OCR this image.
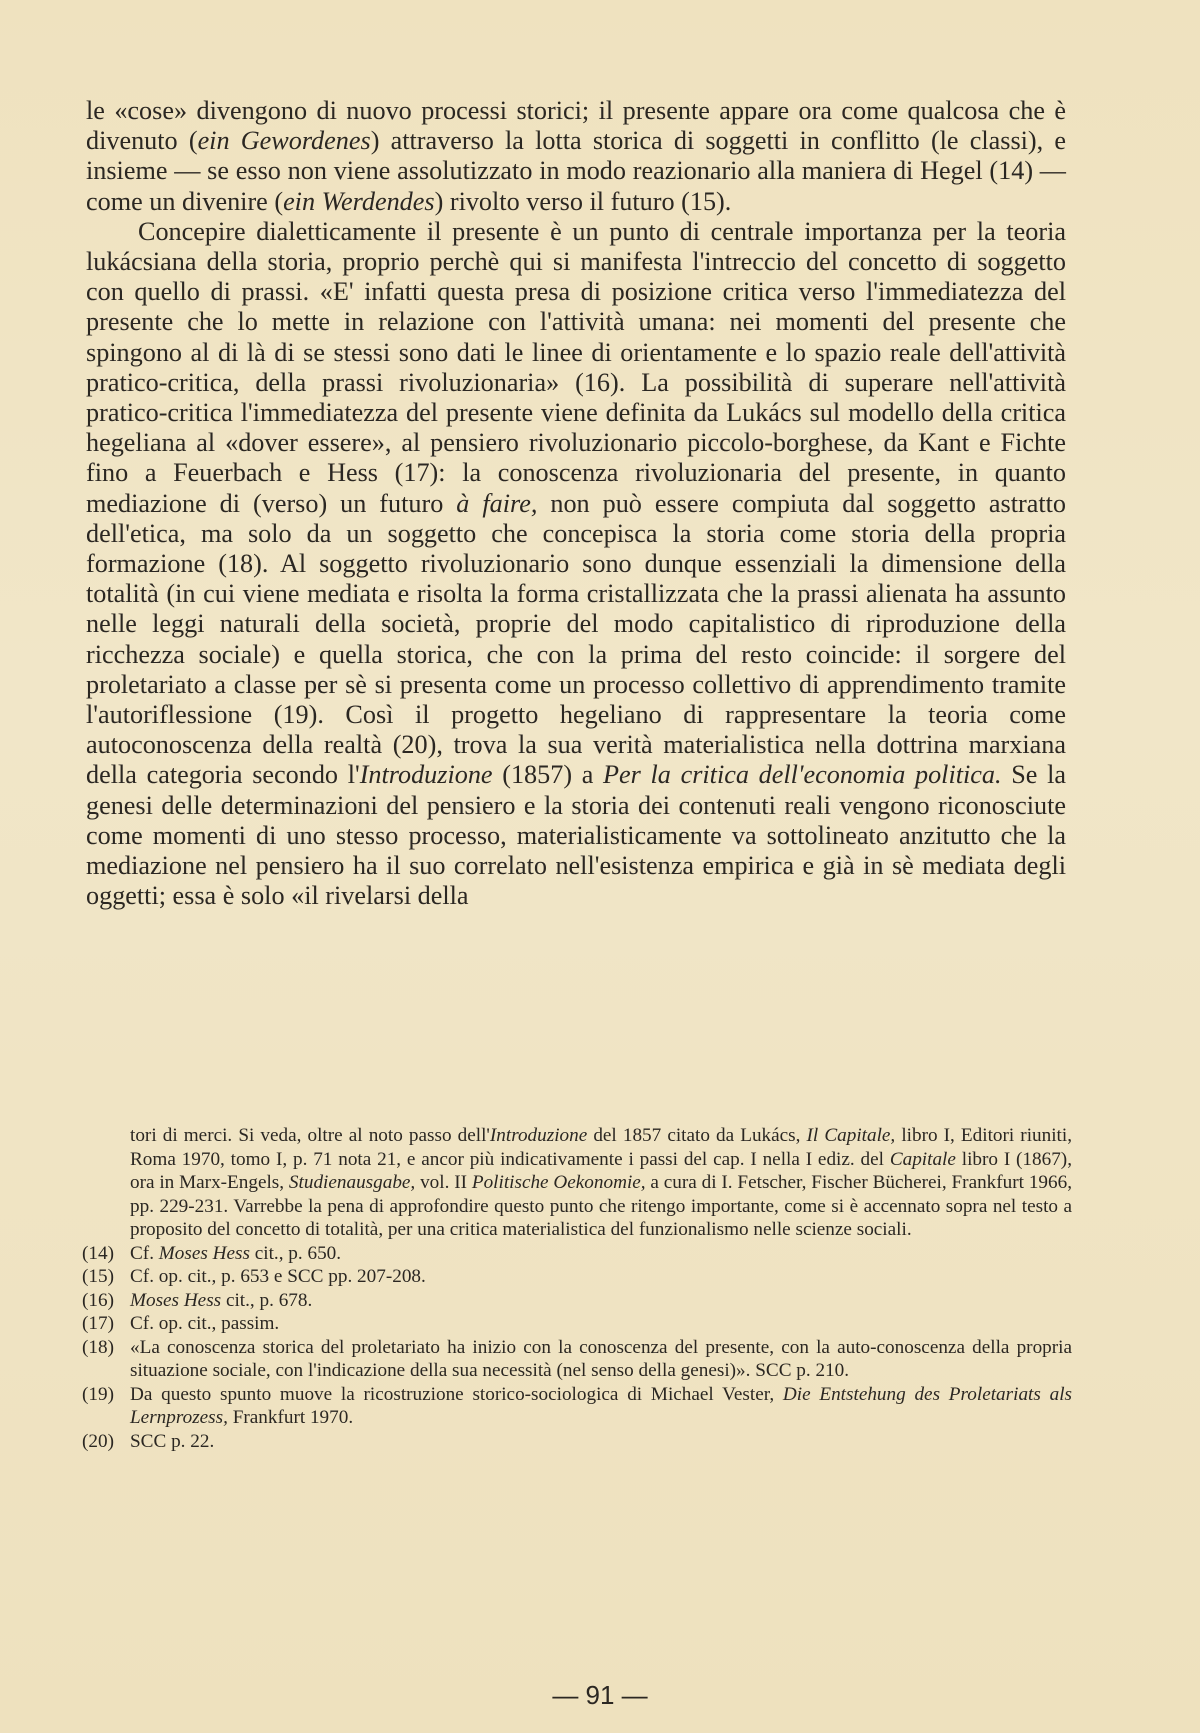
le «cose» divengono di nuovo processi storici; il presente appare ora come qualcosa che è divenuto (ein Gewordenes) attraverso la lotta storica di soggetti in conflitto (le classi), e insieme — se esso non viene assolutizzato in modo reazionario alla maniera di Hegel (14) — come un divenire (ein Werdendes) rivolto verso il futuro (15).

Concepire dialetticamente il presente è un punto di centrale importanza per la teoria lukácsiana della storia, proprio perchè qui si manifesta l'intreccio del concetto di soggetto con quello di prassi. «E' infatti questa presa di posizione critica verso l'immediatezza del presente che lo mette in relazione con l'attività umana: nei momenti del presente che spingono al di là di se stessi sono dati le linee di orientamente e lo spazio reale dell'attività pratico-critica, della prassi rivoluzionaria» (16). La possibilità di superare nell'attività pratico-critica l'immediatezza del presente viene definita da Lukács sul modello della critica hegeliana al «dover essere», al pensiero rivoluzionario piccolo-borghese, da Kant e Fichte fino a Feuerbach e Hess (17): la conoscenza rivoluzionaria del presente, in quanto mediazione di (verso) un futuro à faire, non può essere compiuta dal soggetto astratto dell'etica, ma solo da un soggetto che concepisca la storia come storia della propria formazione (18). Al soggetto rivoluzionario sono dunque essenziali la dimensione della totalità (in cui viene mediata e risolta la forma cristallizzata che la prassi alienata ha assunto nelle leggi naturali della società, proprie del modo capitalistico di riproduzione della ricchezza sociale) e quella storica, che con la prima del resto coincide: il sorgere del proletariato a classe per sè si presenta come un processo collettivo di apprendimento tramite l'autoriflessione (19). Così il progetto hegeliano di rappresentare la teoria come autoconoscenza della realtà (20), trova la sua verità materialistica nella dottrina marxiana della categoria secondo l'Introduzione (1857) a Per la critica dell'economia politica. Se la genesi delle determinazioni del pensiero e la storia dei contenuti reali vengono riconosciute come momenti di uno stesso processo, materialisticamente va sottolineato anzitutto che la mediazione nel pensiero ha il suo correlato nell'esistenza empirica e già in sè mediata degli oggetti; essa è solo «il rivelarsi della

tori di merci. Si veda, oltre al noto passo dell'Introduzione del 1857 citato da Lukács, Il Capitale, libro I, Editori riuniti, Roma 1970, tomo I, p. 71 nota 21, e ancor più indicativamente i passi del cap. I nella I ediz. del Capitale libro I (1867), ora in Marx-Engels, Studienausgabe, vol. II Politische Oekonomie, a cura di I. Fetscher, Fischer Bücherei, Frankfurt 1966, pp. 229-231. Varrebbe la pena di approfondire questo punto che ritengo importante, come si è accennato sopra nel testo a proposito del concetto di totalità, per una critica materialistica del funzionalismo nelle scienze sociali.

(14) Cf. Moses Hess cit., p. 650.
(15) Cf. op. cit., p. 653 e SCC pp. 207-208.
(16) Moses Hess cit., p. 678.
(17) Cf. op. cit., passim.
(18) «La conoscenza storica del proletariato ha inizio con la conoscenza del presente, con la auto-conoscenza della propria situazione sociale, con l'indicazione della sua necessità (nel senso della genesi)». SCC p. 210.
(19) Da questo spunto muove la ricostruzione storico-sociologica di Michael Vester, Die Entstehung des Proletariats als Lernprozess, Frankfurt 1970.
(20) SCC p. 22.
— 91 —
